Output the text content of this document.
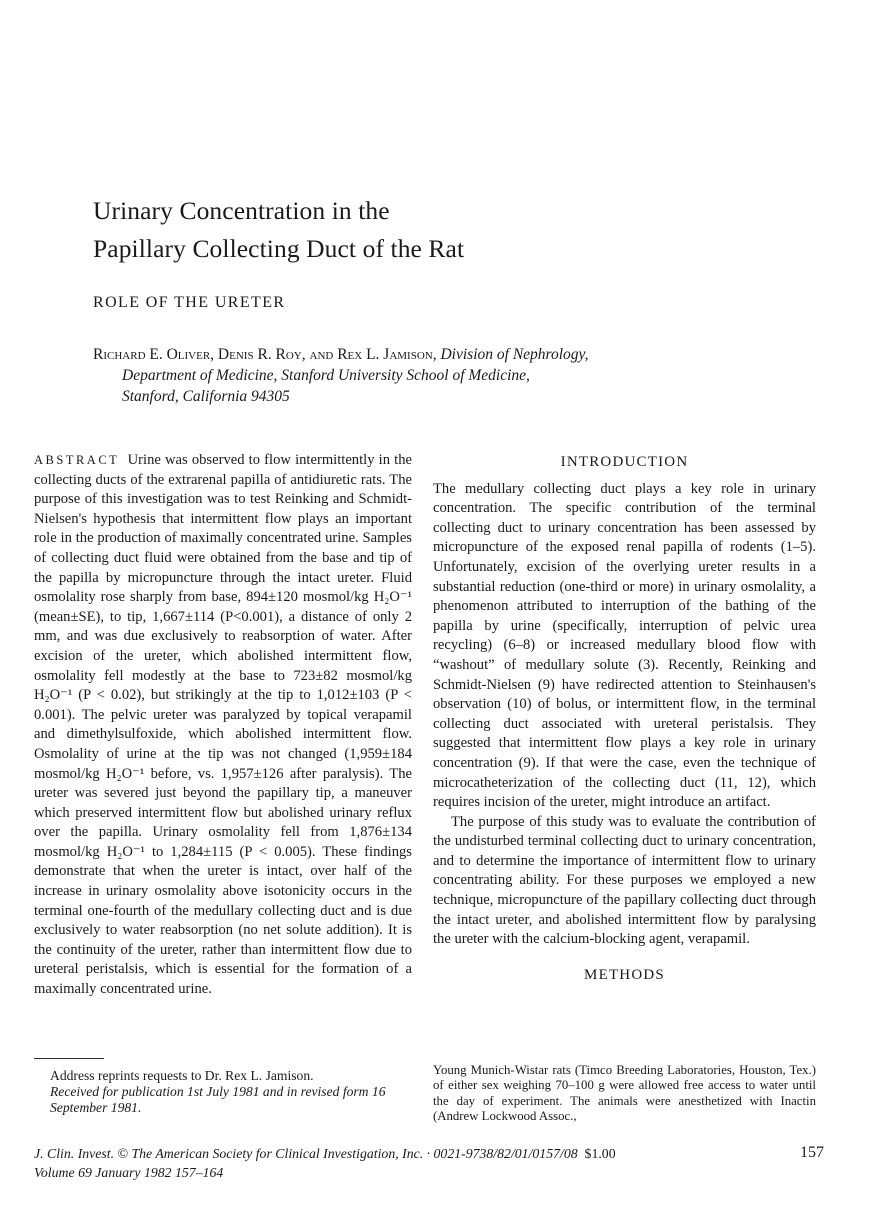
Urinary Concentration in the
Papillary Collecting Duct of the Rat
ROLE OF THE URETER
Richard E. Oliver, Denis R. Roy, and Rex L. Jamison, Division of Nephrology,
Department of Medicine, Stanford University School of Medicine,
Stanford, California 94305

ABSTRACT Urine was observed to flow intermittently in the collecting ducts of the extrarenal papilla of antidiuretic rats. The purpose of this investigation was to test Reinking and Schmidt-Nielsen's hypothesis that intermittent flow plays an important role in the production of maximally concentrated urine. Samples of collecting duct fluid were obtained from the base and tip of the papilla by micropuncture through the intact ureter. Fluid osmolality rose sharply from base, 894±120 mosmol/kg H₂O⁻¹ (mean±SE), to tip, 1,667±114 (P<0.001), a distance of only 2 mm, and was due exclusively to reabsorption of water. After excision of the ureter, which abolished intermittent flow, osmolality fell modestly at the base to 723±82 mosmol/kg H₂O⁻¹ (P < 0.02), but strikingly at the tip to 1,012±103 (P < 0.001). The pelvic ureter was paralyzed by topical verapamil and dimethylsulfoxide, which abolished intermittent flow. Osmolality of urine at the tip was not changed (1,959±184 mosmol/kg H₂O⁻¹ before, vs. 1,957±126 after paralysis). The ureter was severed just beyond the papillary tip, a maneuver which preserved intermittent flow but abolished urinary reflux over the papilla. Urinary osmolality fell from 1,876±134 mosmol/kg H₂O⁻¹ to 1,284±115 (P < 0.005). These findings demonstrate that when the ureter is intact, over half of the increase in urinary osmolality above isotonicity occurs in the terminal one-fourth of the medullary collecting duct and is due exclusively to water reabsorption (no net solute addition). It is the continuity of the ureter, rather than intermittent flow due to ureteral peristalsis, which is essential for the formation of a maximally concentrated urine.

INTRODUCTION

The medullary collecting duct plays a key role in urinary concentration. The specific contribution of the terminal collecting duct to urinary concentration has been assessed by micropuncture of the exposed renal papilla of rodents (1–5). Unfortunately, excision of the overlying ureter results in a substantial reduction (one-third or more) in urinary osmolality, a phenomenon attributed to interruption of the bathing of the papilla by urine (specifically, interruption of pelvic urea recycling) (6–8) or increased medullary blood flow with “washout” of medullary solute (3). Recently, Reinking and Schmidt-Nielsen (9) have redirected attention to Steinhausen's observation (10) of bolus, or intermittent flow, in the terminal collecting duct associated with ureteral peristalsis. They suggested that intermittent flow plays a key role in urinary concentration (9). If that were the case, even the technique of microcatheterization of the collecting duct (11, 12), which requires incision of the ureter, might introduce an artifact.

The purpose of this study was to evaluate the contribution of the undisturbed terminal collecting duct to urinary concentration, and to determine the importance of intermittent flow to urinary concentrating ability. For these purposes we employed a new technique, micropuncture of the papillary collecting duct through the intact ureter, and abolished intermittent flow by paralysing the ureter with the calcium-blocking agent, verapamil.

METHODS
Young Munich-Wistar rats (Timco Breeding Laboratories, Houston, Tex.) of either sex weighing 70–100 g were allowed free access to water until the day of experiment. The animals were anesthetized with Inactin (Andrew Lockwood Assoc.,
Address reprints requests to Dr. Rex L. Jamison.
Received for publication 1st July 1981 and in revised form 16 September 1981.
J. Clin. Invest. © The American Society for Clinical Investigation, Inc. · 0021-9738/82/01/0157/08 $1.00
Volume 69 January 1982 157–164
157
